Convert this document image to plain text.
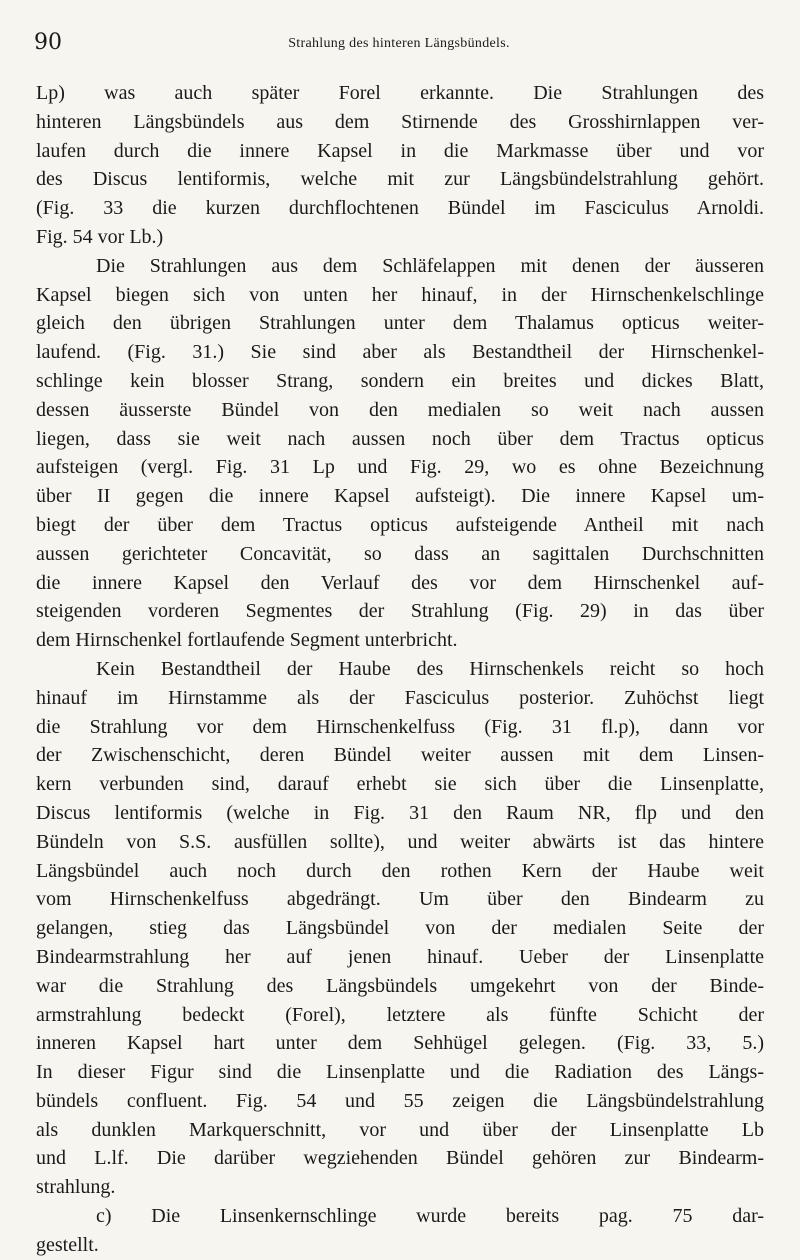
90	Strahlung des hinteren Längsbündels.
Lp) was auch später Forel erkannte. Die Strahlungen des
hinteren Längsbündels aus dem Stirnende des Grosshirnlappen ver-
laufen durch die innere Kapsel in die Markmasse über und vor
des Discus lentiformis, welche mit zur Längsbündelstrahlung gehört.
(Fig. 33 die kurzen durchflochtenen Bündel im Fasciculus Arnoldi.
Fig. 54 vor Lb.)
Die Strahlungen aus dem Schläfelappen mit denen der äusseren
Kapsel biegen sich von unten her hinauf, in der Hirnschenkelschlinge
gleich den übrigen Strahlungen unter dem Thalamus opticus weiter-
laufend. (Fig. 31.) Sie sind aber als Bestandtheil der Hirnschenkel-
schlinge kein blosser Strang, sondern ein breites und dickes Blatt,
dessen äusserste Bündel von den medialen so weit nach aussen
liegen, dass sie weit nach aussen noch über dem Tractus opticus
aufsteigen (vergl. Fig. 31 Lp und Fig. 29, wo es ohne Bezeichnung
über II gegen die innere Kapsel aufsteigt). Die innere Kapsel um-
biegt der über dem Tractus opticus aufsteigende Antheil mit nach
aussen gerichteter Concavität, so dass an sagittalen Durchschnitten
die innere Kapsel den Verlauf des vor dem Hirnschenkel auf-
steigenden vorderen Segmentes der Strahlung (Fig. 29) in das über
dem Hirnschenkel fortlaufende Segment unterbricht.
Kein Bestandtheil der Haube des Hirnschenkels reicht so hoch
hinauf im Hirnstamme als der Fasciculus posterior. Zuhöchst liegt
die Strahlung vor dem Hirnschenkelfuss (Fig. 31 fl.p), dann vor
der Zwischenschicht, deren Bündel weiter aussen mit dem Linsen-
kern verbunden sind, darauf erhebt sie sich über die Linsenplatte,
Discus lentiformis (welche in Fig. 31 den Raum NR, flp und den
Bündeln von S.S. ausfüllen sollte), und weiter abwärts ist das hintere
Längsbündel auch noch durch den rothen Kern der Haube weit
vom Hirnschenkelfuss abgedrängt. Um über den Bindearm zu
gelangen, stieg das Längsbündel von der medialen Seite der
Bindearmstrahlung her auf jenen hinauf. Ueber der Linsenplatte
war die Strahlung des Längsbündels umgekehrt von der Binde-
armstrahlung bedeckt (Forel), letztere als fünfte Schicht der
inneren Kapsel hart unter dem Sehhügel gelegen. (Fig. 33, 5.)
In dieser Figur sind die Linsenplatte und die Radiation des Längs-
bündels confluent. Fig. 54 und 55 zeigen die Längsbündelstrahlung
als dunklen Markquerschnitt, vor und über der Linsenplatte Lb
und L.lf. Die darüber wegziehenden Bündel gehören zur Bindearm-
strahlung.
c) Die Linsenkernschlinge wurde bereits pag. 75 dar-
gestellt.
